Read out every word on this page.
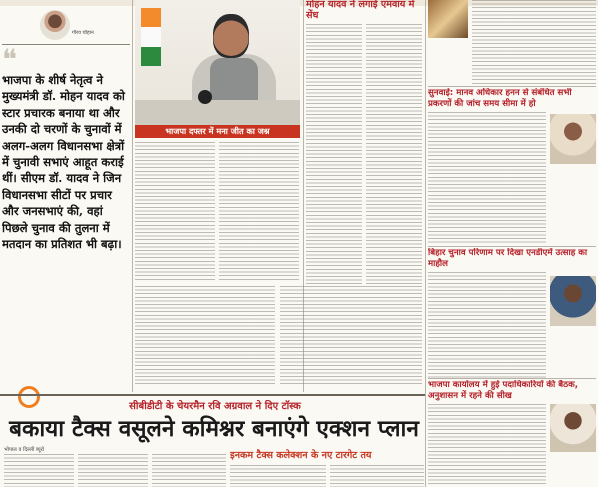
गौरव चौहान
❝
भाजपा के शीर्ष नेतृत्व ने मुख्यमंत्री डॉ. मोहन यादव को स्टार प्रचारक बनाया था और उनकी दो चरणों के चुनावों में अलग-अलग विधानसभा क्षेत्रों में चुनावी सभाएं आहूत कराई थीं। सीएम डॉ. यादव ने जिन विधानसभा सीटों पर प्रचार और जनसभाएं की, वहां पिछले चुनाव की तुलना में मतदान का प्रतिशत भी बढ़ा।
भाजपा दफ्तर में मना जीत का जश्न
मोहन यादव ने लगाई एमवाय में सेंध
सुनवाई: मानव अधिकार हनन से संबंधित सभी प्रकरणों की जांच समय सीमा में हो
बिहार चुनाव परिणाम पर दिखा एनडीएमें उत्साह का माहौल
भाजपा कार्यालय में हुई पदाधिकारियों की बैठक, अनुशासन में रहने की सीख
सीबीडीटी के चेयरमैन रवि अग्रवाल ने दिए टॉस्क
बकाया टैक्स वसूलने कमिश्नर बनाएंगे एक्शन प्लान
भोपाल व दिल्ली ब्यूरो	इनकम टैक्स कलेक्शन के नए टारगेट तय
